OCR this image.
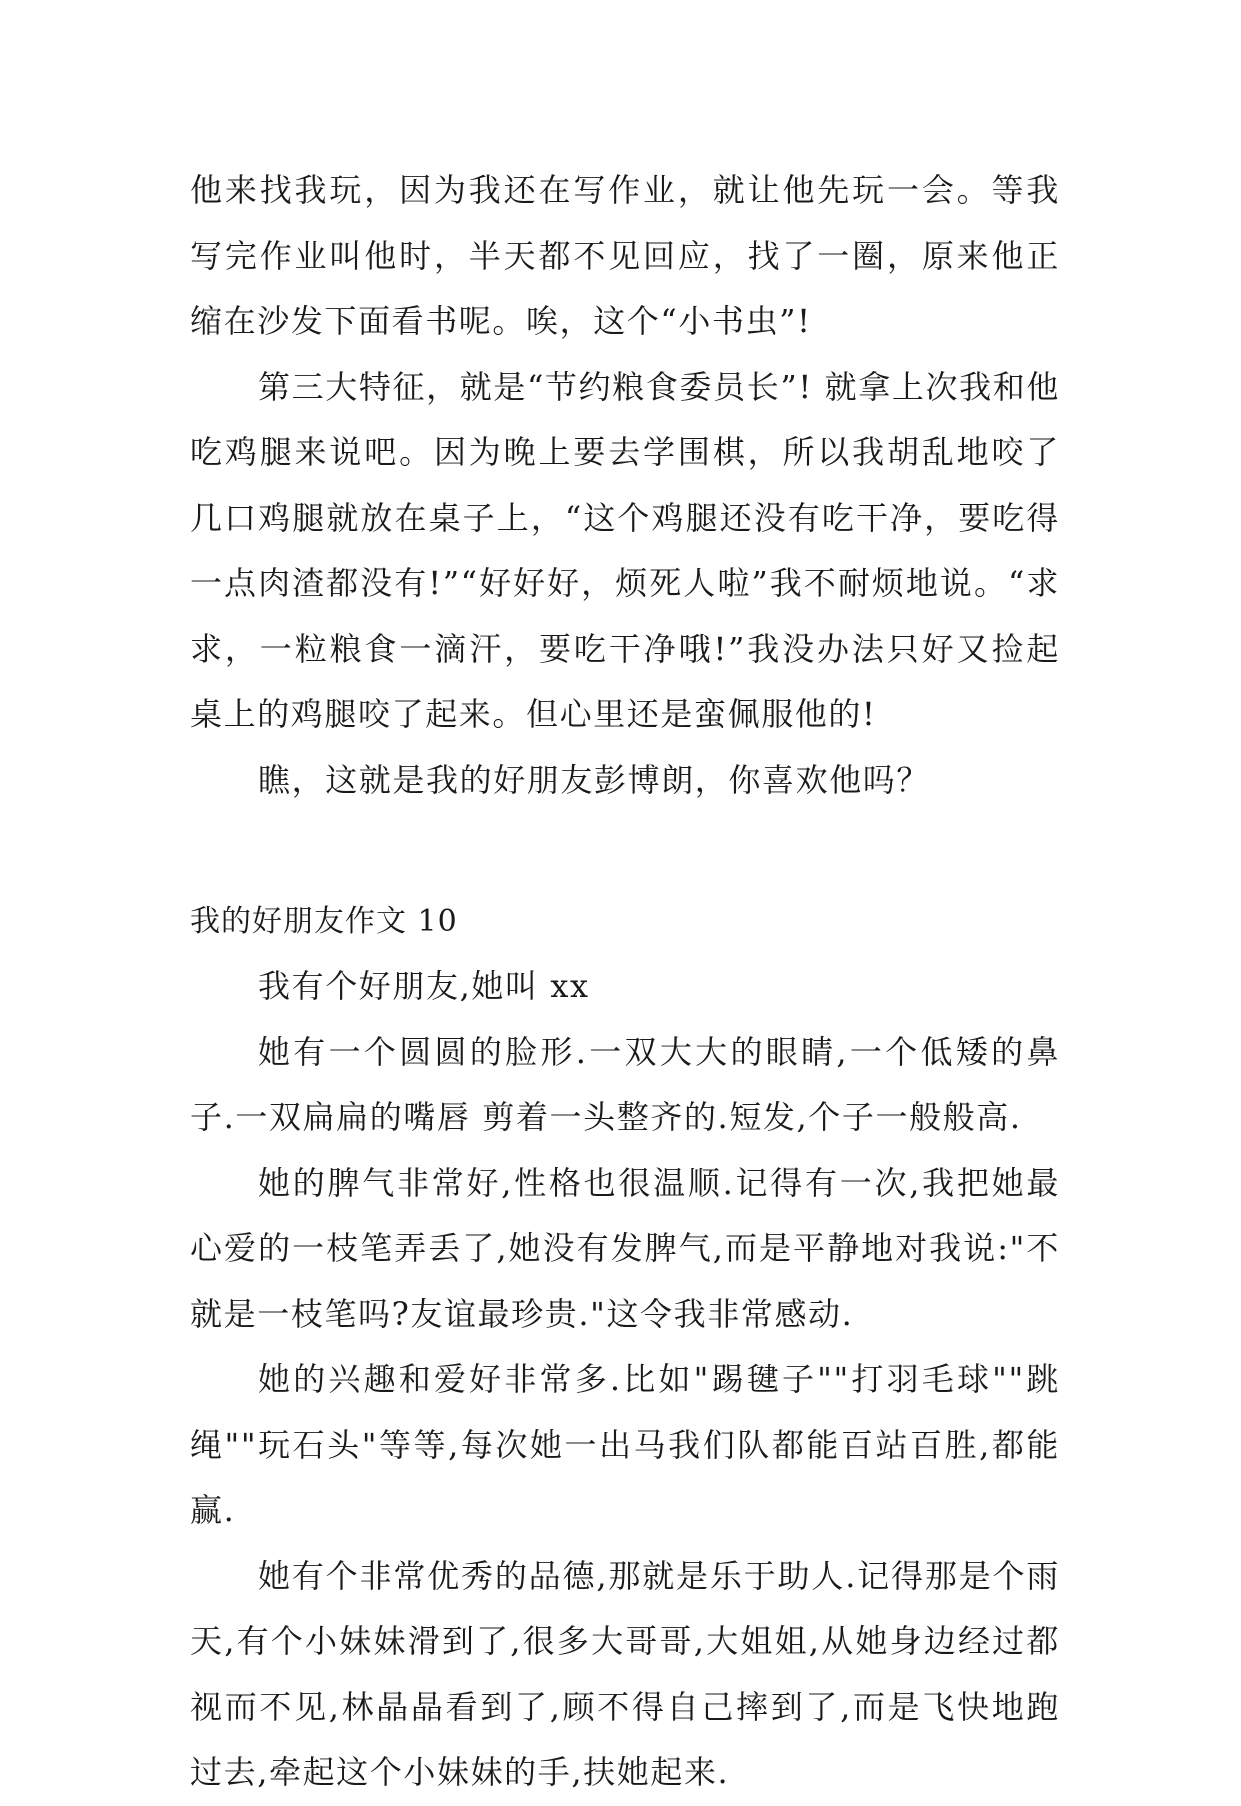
他来找我玩，因为我还在写作业，就让他先玩一会。等我写完作业叫他时，半天都不见回应，找了一圈，原来他正缩在沙发下面看书呢。唉，这个“小书虫”!

第三大特征，就是“节约粮食委员长”! 就拿上次我和他吃鸡腿来说吧。因为晚上要去学围棋，所以我胡乱地咬了几口鸡腿就放在桌子上，“这个鸡腿还没有吃干净，要吃得一点肉渣都没有!”“好好好，烦死人啦”我不耐烦地说。“求求，一粒粮食一滴汗，要吃干净哦!”我没办法只好又捡起桌上的鸡腿咬了起来。但心里还是蛮佩服他的!

瞧，这就是我的好朋友彭博朗，你喜欢他吗？

我的好朋友作文 10

我有个好朋友,她叫 xx

她有一个圆圆的脸形.一双大大的眼睛,一个低矮的鼻子.一双扁扁的嘴唇 剪着一头整齐的.短发,个子一般般高.

她的脾气非常好,性格也很温顺.记得有一次,我把她最心爱的一枝笔弄丢了,她没有发脾气,而是平静地对我说:"不就是一枝笔吗?友谊最珍贵."这令我非常感动.

她的兴趣和爱好非常多.比如"踢毽子""打羽毛球""跳绳""玩石头"等等,每次她一出马我们队都能百站百胜,都能赢.

她有个非常优秀的品德,那就是乐于助人.记得那是个雨天,有个小妹妹滑到了,很多大哥哥,大姐姐,从她身边经过都视而不见,林晶晶看到了,顾不得自己摔到了,而是飞快地跑过去,牵起这个小妹妹的手,扶她起来.
